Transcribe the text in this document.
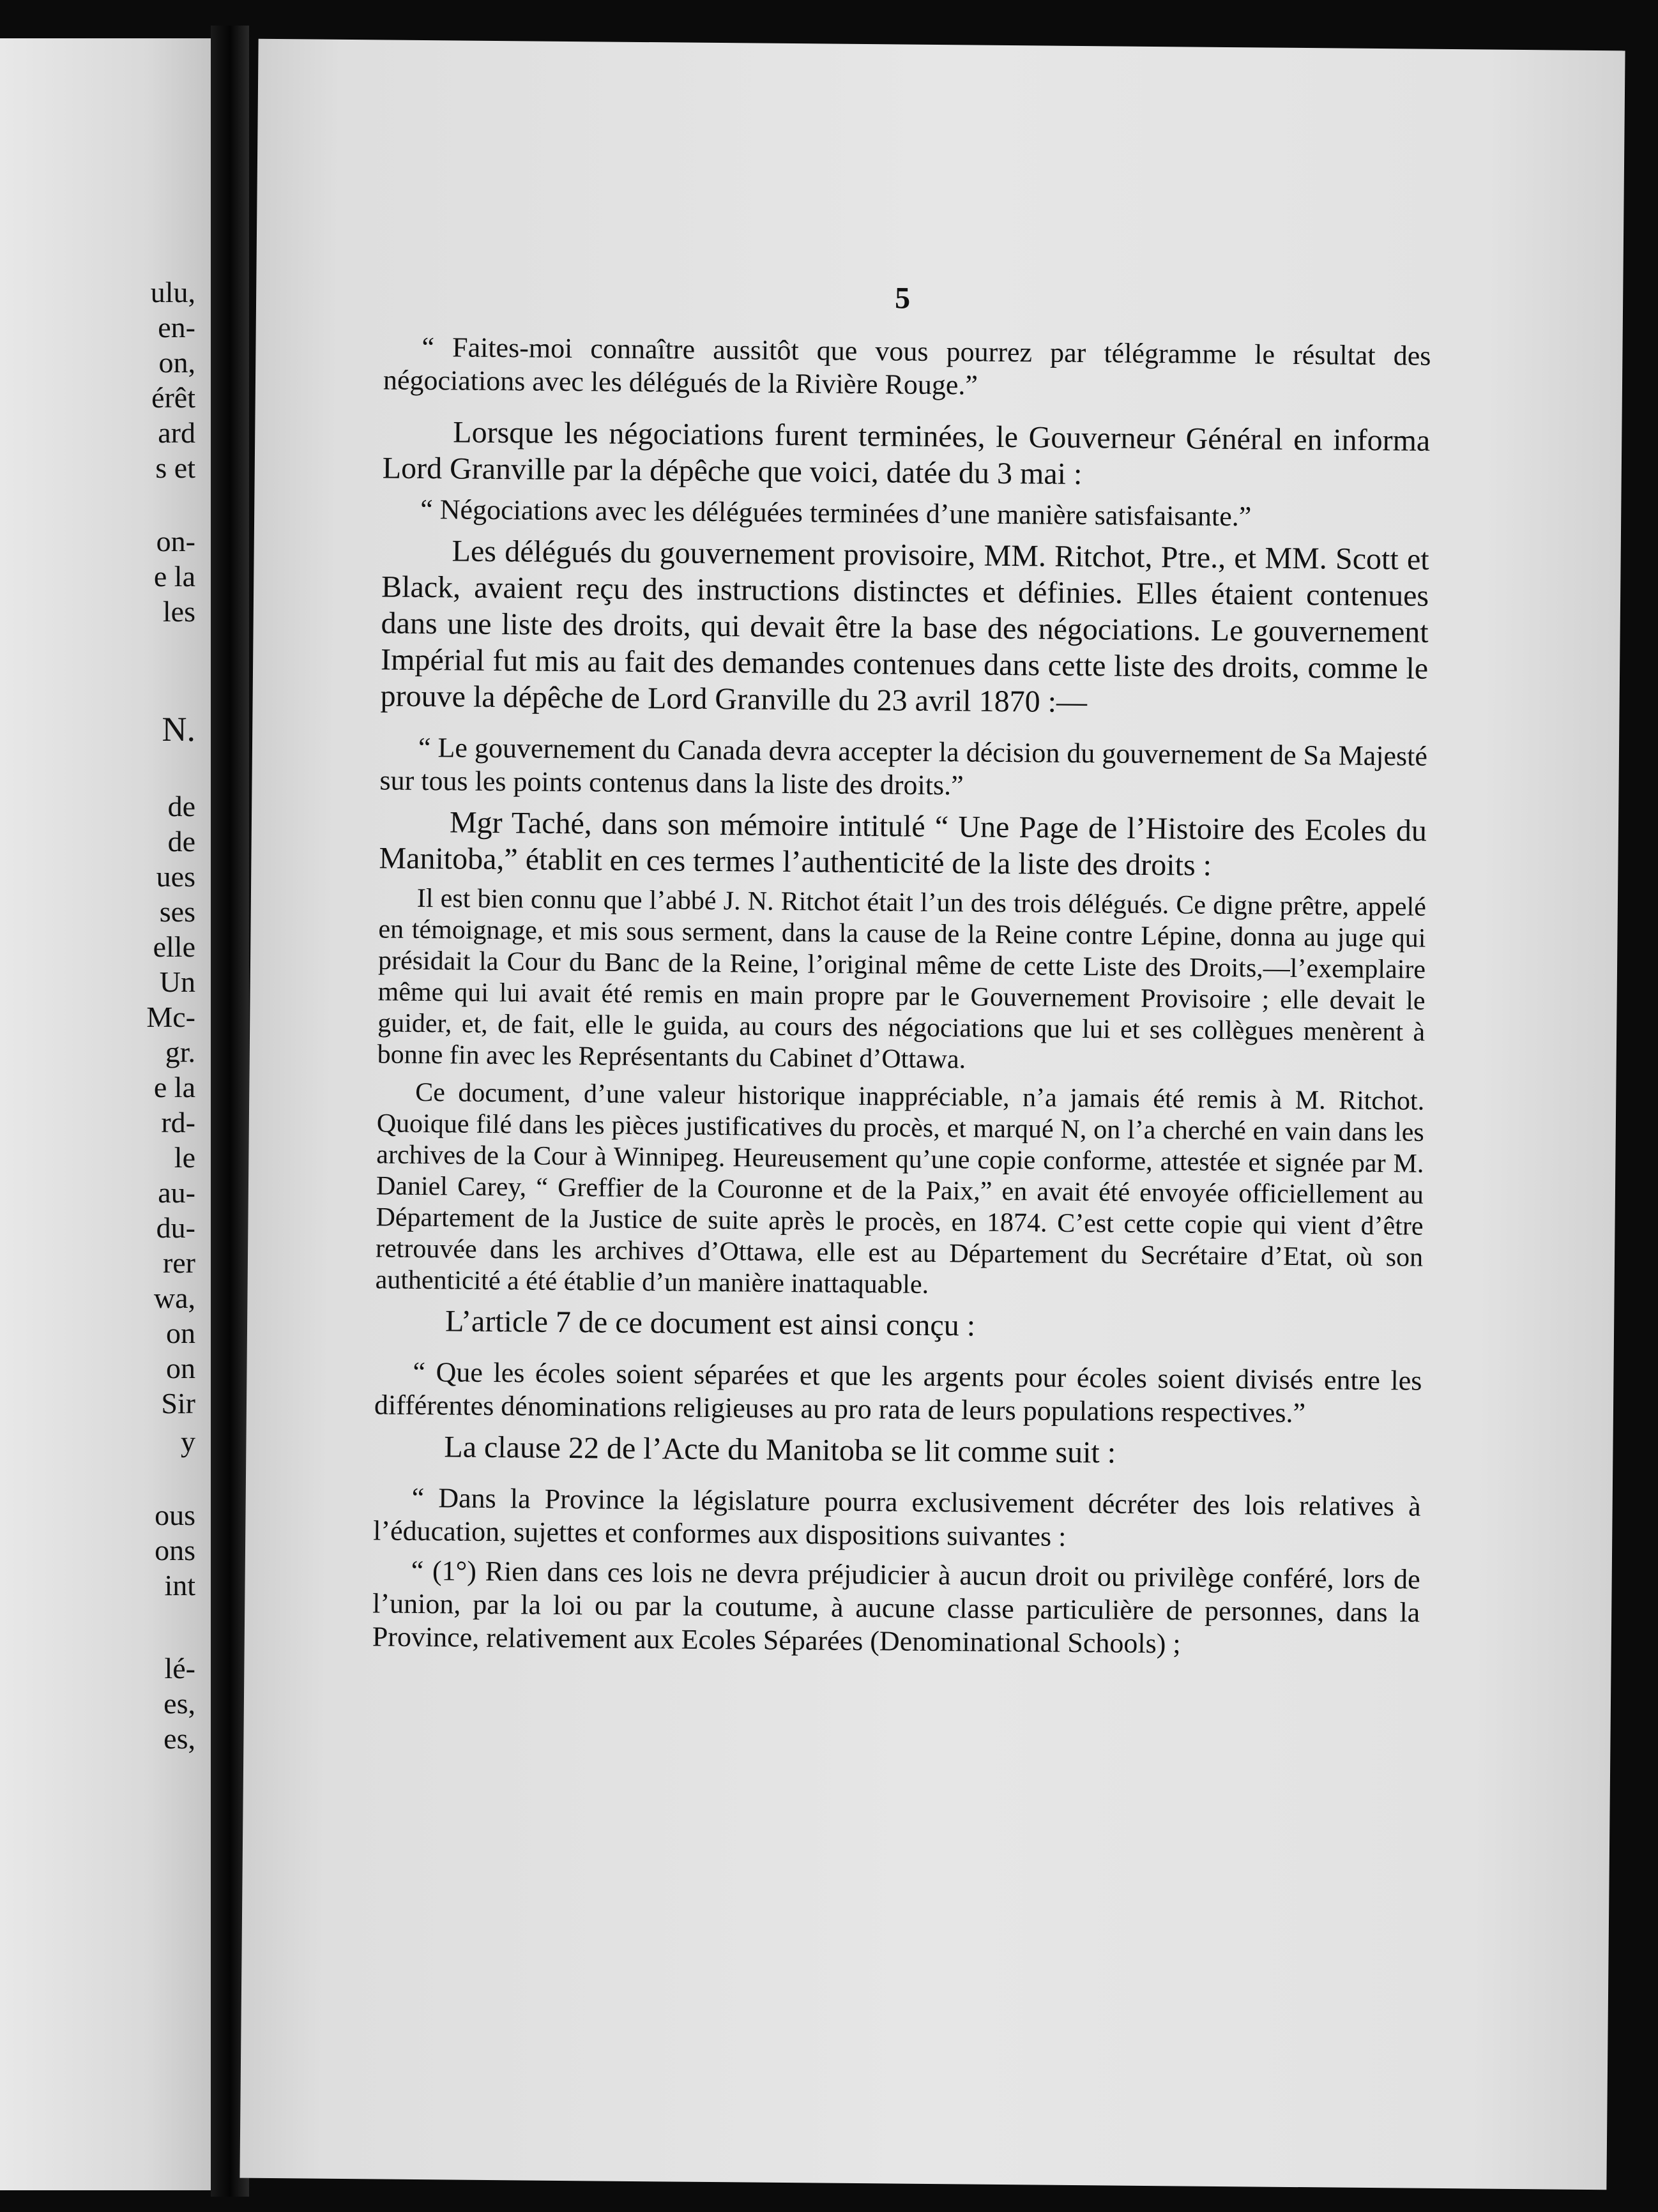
ulu,
en-
on,
érêt
ard
s et
on-
e la
les
N.
de
de
ues
ses
elle
Un
Mc-
gr.
e la
rd-
le
au-
du-
rer
wa,
on
on
Sir
y
ous
ons
int
lé-
es,
es,
5

“ Faites-moi connaître aussitôt que vous pourrez par télégramme le résultat des négociations avec les délégués de la Rivière Rouge.”

Lorsque les négociations furent terminées, le Gouverneur Général en informa Lord Granville par la dépêche que voici, datée du 3 mai :

“ Négociations avec les déléguées terminées d’une manière satisfaisante.”

Les délégués du gouvernement provisoire, MM. Ritchot, Ptre., et MM. Scott et Black, avaient reçu des instructions distinctes et définies. Elles étaient contenues dans une liste des droits, qui devait être la base des négociations. Le gouvernement Impérial fut mis au fait des demandes contenues dans cette liste des droits, comme le prouve la dépêche de Lord Granville du 23 avril 1870 :—

“ Le gouvernement du Canada devra accepter la décision du gouvernement de Sa Majesté sur tous les points contenus dans la liste des droits.”

Mgr Taché, dans son mémoire intitulé “ Une Page de l’Histoire des Ecoles du Manitoba,” établit en ces termes l’authenticité de la liste des droits :

Il est bien connu que l’abbé J. N. Ritchot était l’un des trois délégués. Ce digne prêtre, appelé en témoignage, et mis sous serment, dans la cause de la Reine contre Lépine, donna au juge qui présidait la Cour du Banc de la Reine, l’original même de cette Liste des Droits,—l’exemplaire même qui lui avait été remis en main propre par le Gouvernement Provisoire ; elle devait le guider, et, de fait, elle le guida, au cours des négociations que lui et ses collègues menèrent à bonne fin avec les Représentants du Cabinet d’Ottawa.

Ce document, d’une valeur historique inappréciable, n’a jamais été remis à M. Ritchot. Quoique filé dans les pièces justificatives du procès, et marqué N, on l’a cherché en vain dans les archives de la Cour à Winnipeg. Heureusement qu’une copie conforme, attestée et signée par M. Daniel Carey, “ Greffier de la Couronne et de la Paix,” en avait été envoyée officiellement au Département de la Justice de suite après le procès, en 1874. C’est cette copie qui vient d’être retrouvée dans les archives d’Ottawa, elle est au Département du Secrétaire d’Etat, où son authenticité a été établie d’un manière inattaquable.

L’article 7 de ce document est ainsi conçu :

“ Que les écoles soient séparées et que les argents pour écoles soient divisés entre les différentes dénominations religieuses au pro rata de leurs populations respectives.”

La clause 22 de l’Acte du Manitoba se lit comme suit :

“ Dans la Province la législature pourra exclusivement décréter des lois relatives à l’éducation, sujettes et conformes aux dispositions suivantes :

“ (1°) Rien dans ces lois ne devra préjudicier à aucun droit ou privilège conféré, lors de l’union, par la loi ou par la coutume, à aucune classe particulière de personnes, dans la Province, relativement aux Ecoles Séparées (Denominational Schools) ;
